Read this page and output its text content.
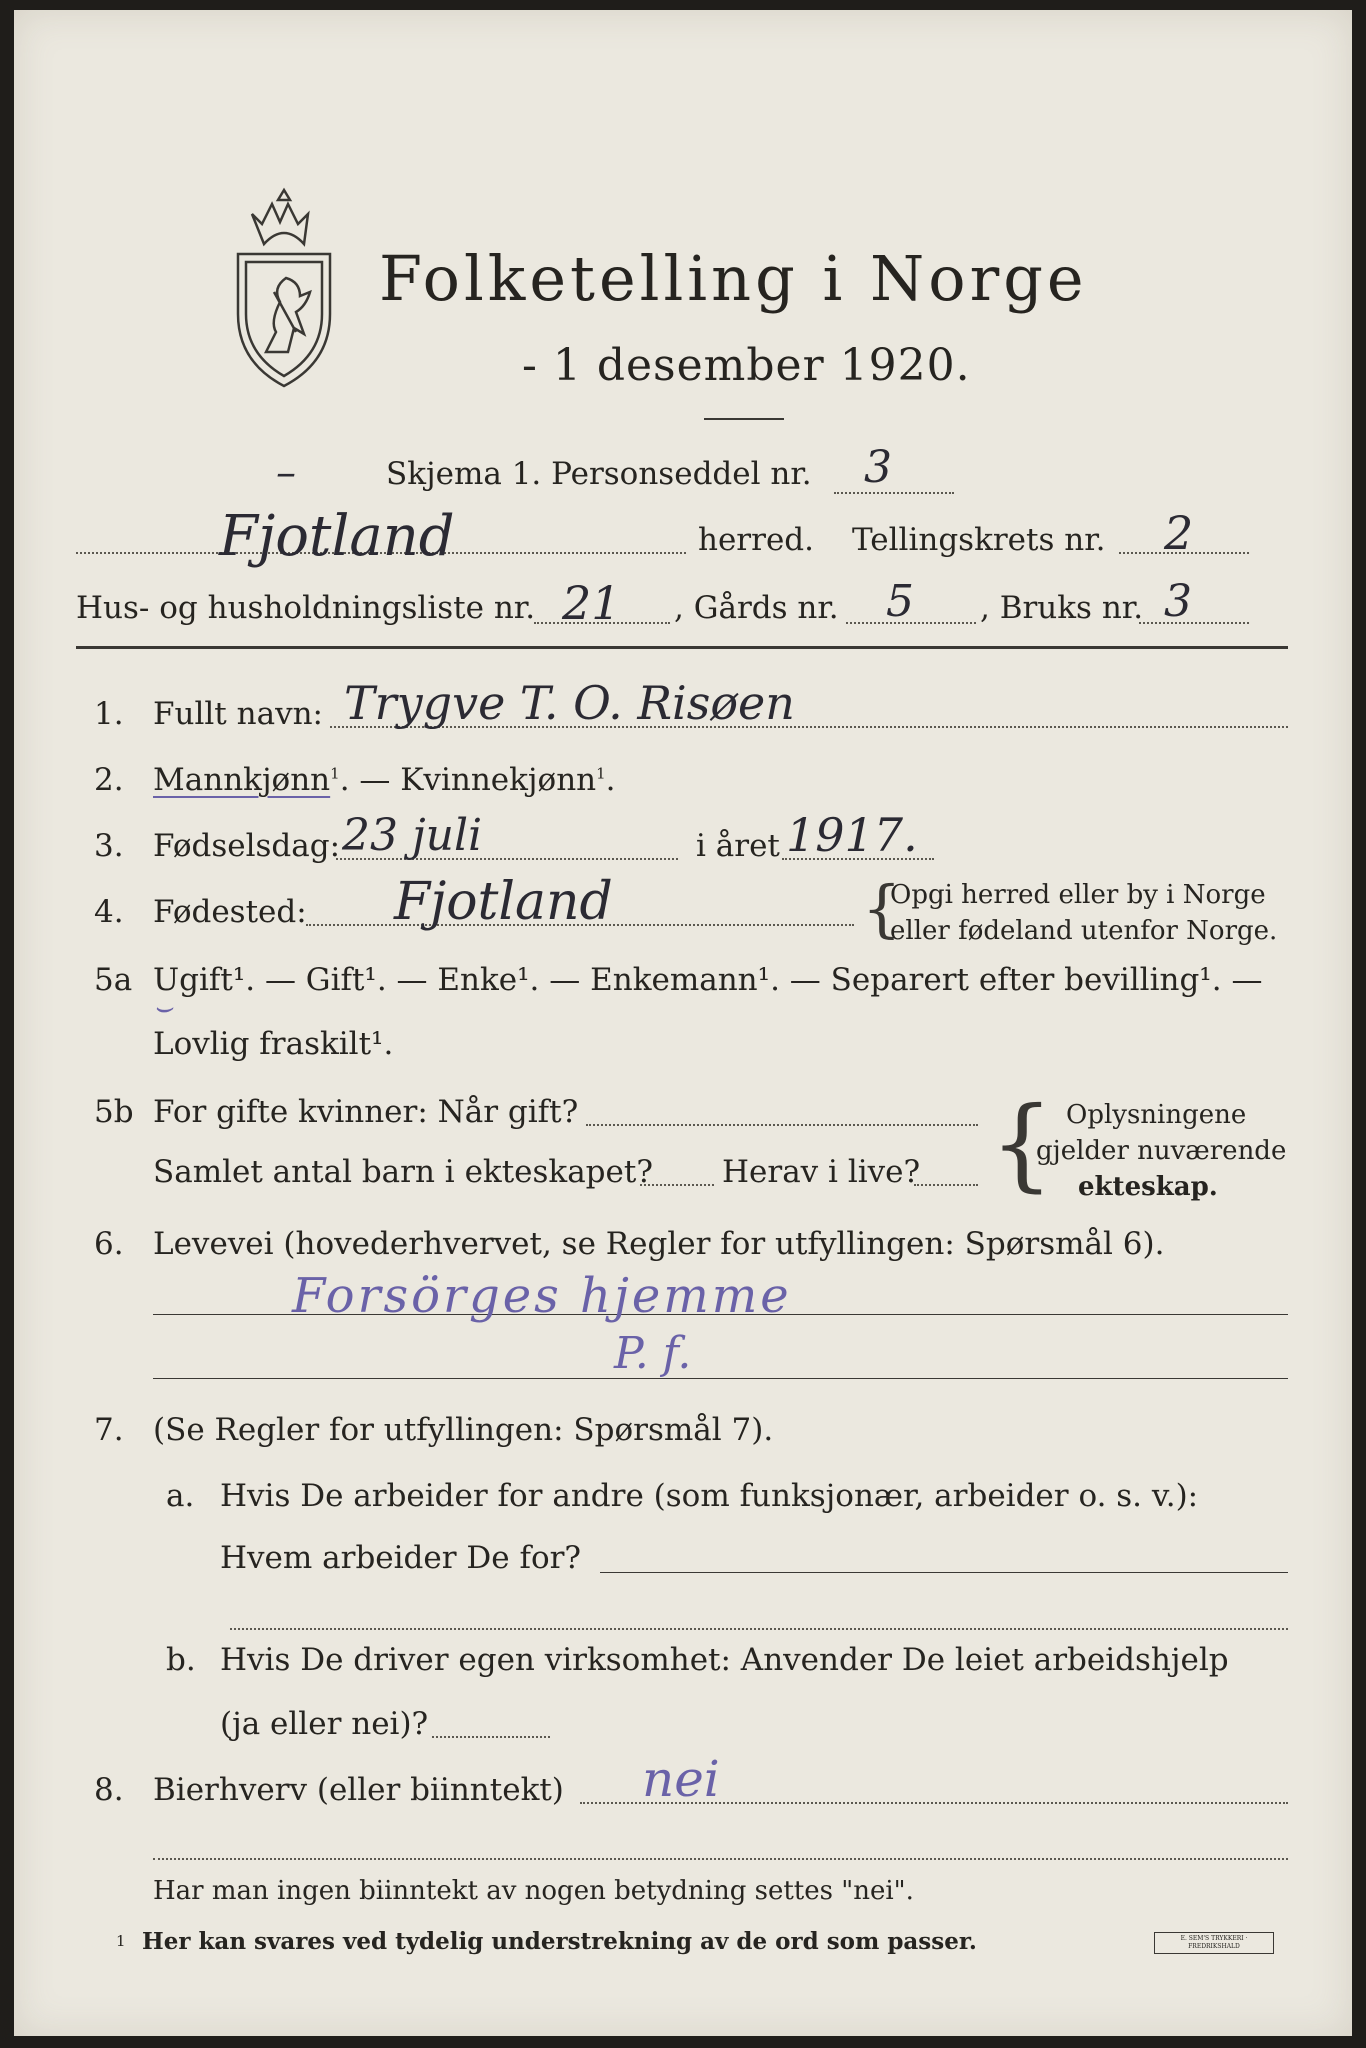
Folketelling i Norge
- 1 desember 1920.
–	Skjema 1. Personseddel nr. 3
Fjotland	herred. Tellingskrets nr. 2
Hus- og husholdningsliste nr. 21 , Gårds nr. 5 , Bruks nr. 3
1. Fullt navn: Trygve T. O. Risøen
2. Mannkjønn$^1$. — Kvinnekjønn$^1$.
3. Fødselsdag: 23 juli	i året 1917.
4. Fødested: Fjotland	{
Opgi herred eller by i Norge
eller fødeland utenfor Norge.
5a Ugift¹. — Gift¹. — Enke¹. — Enkemann¹. — Separert efter bevilling¹. —
⌣
Lovlig fraskilt¹.
5b For gifte kvinner: Når gift?
Samlet antal barn i ekteskapet? Herav i live? { Oplysningene
gjelder nuværende
ekteskap.
6. Levevei (hovederhvervet, se Regler for utfyllingen: Spørsmål 6).
Forsörges hjemme
P. f.
7. (Se Regler for utfyllingen: Spørsmål 7).
a. Hvis De arbeider for andre (som funksjonær, arbeider o. s. v.):
Hvem arbeider De for?
b. Hvis De driver egen virksomhet: Anvender De leiet arbeidshjelp
(ja eller nei)?
8. Bierhverv (eller biinntekt) nei
Har man ingen biinntekt av nogen betydning settes "nei".
1 Her kan svares ved tydelig understrekning av de ord som passer.	E. SEM'S TRYKKERI · FREDRIKSHALD
